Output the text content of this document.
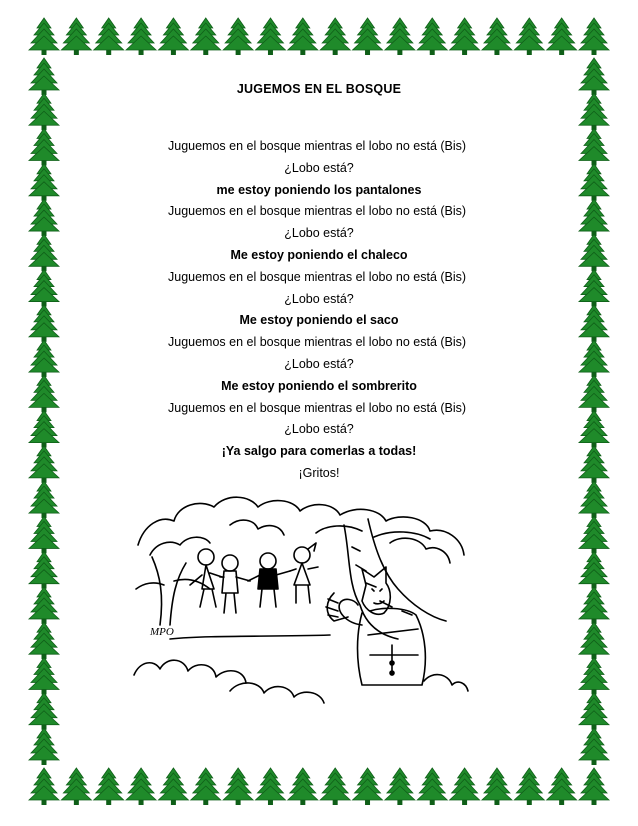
JUGEMOS EN EL BOSQUE
Juguemos en el bosque mientras el lobo no está (Bis)
¿Lobo está?
me estoy poniendo los pantalones
Juguemos en el bosque mientras el lobo no está (Bis)
¿Lobo está?
Me estoy poniendo el chaleco
Juguemos en el bosque mientras el lobo no está (Bis)
¿Lobo está?
Me estoy poniendo el saco
Juguemos en el bosque mientras el lobo no está (Bis)
¿Lobo está?
Me estoy poniendo el sombrerito
Juguemos en el bosque mientras el lobo no está (Bis)
¿Lobo está?
¡Ya salgo para comerlas a todas!
¡Gritos!
MPO
